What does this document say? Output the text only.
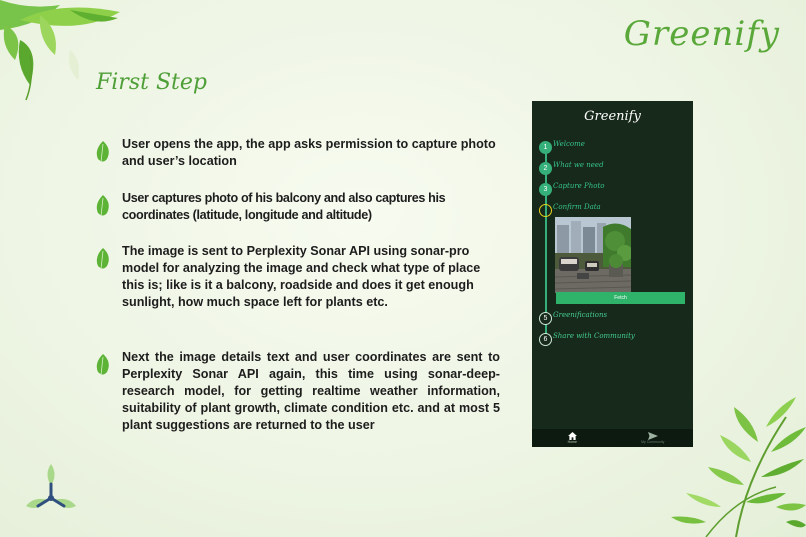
Greenify
First Step

User opens the app, the app asks permission to capture photo and user’s location

User captures photo of his balcony and also captures his coordinates (latitude, longitude and altitude)

The image is sent to Perplexity Sonar API using sonar-pro model for analyzing the image and check what type of place this is; like is it a balcony, roadside and does it get enough sunlight, how much space left for plants etc.

Next the image details text and user coordinates are sent to Perplexity Sonar API again, this time using sonar-deep-research model, for getting realtime weather information, suitability of plant growth, climate condition etc. and at most 5 plant suggestions are returned to the user

Greenify
1 Welcome
2 What we need
3 Capture Photo
Confirm Data
Fetch
5 Greenifications
6 Share with Community
Home	My Community
